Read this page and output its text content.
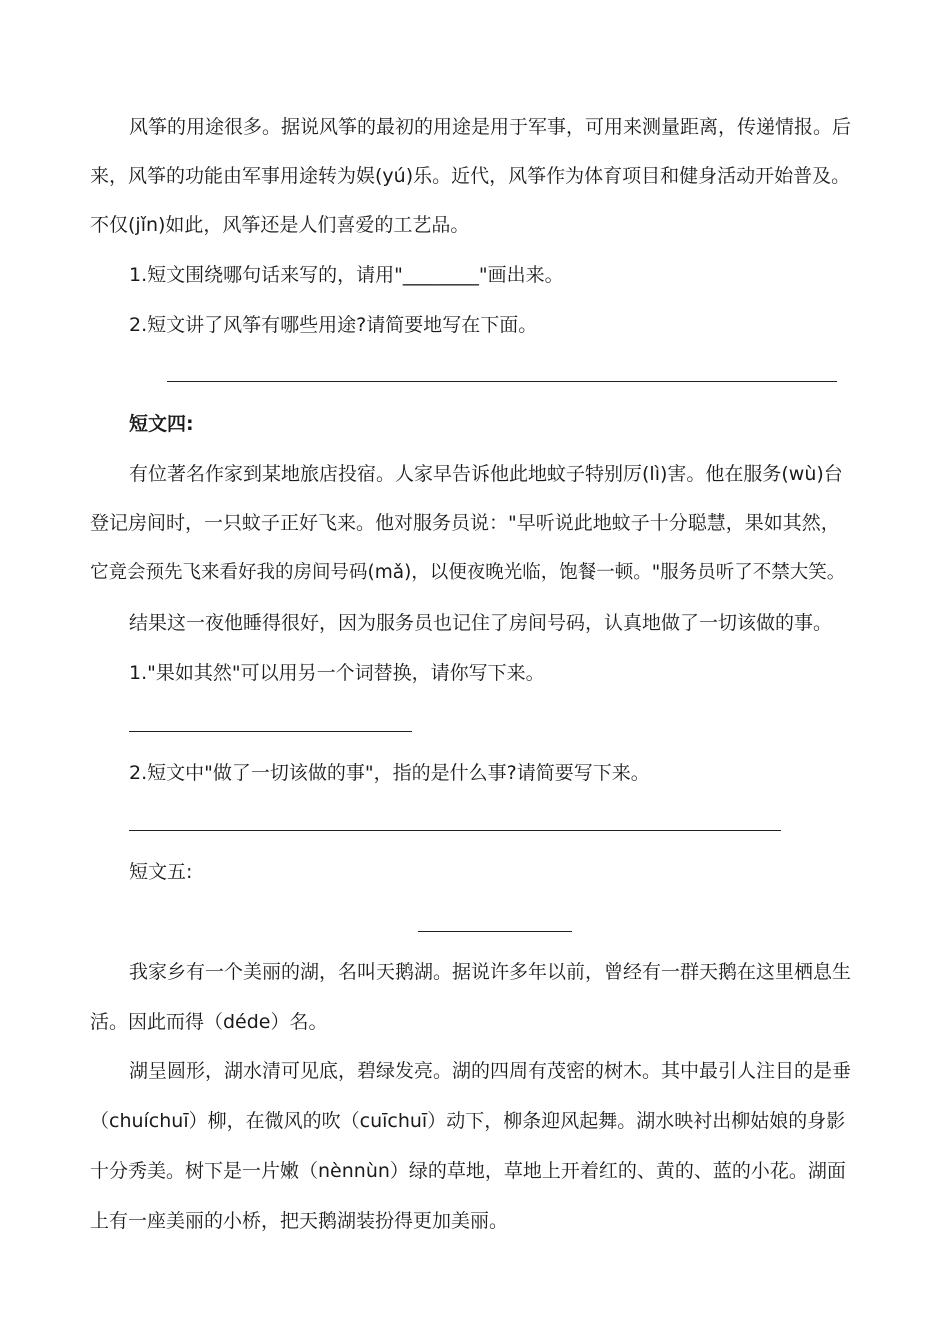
风筝的用途很多。据说风筝的最初的用途是用于军事，可用来测量距离，传递情报。后
来，风筝的功能由军事用途转为娱(yú)乐。近代，风筝作为体育项目和健身活动开始普及。
不仅(jǐn)如此，风筝还是人们喜爱的工艺品。
1.短文围绕哪句话来写的，请用"________"画出来。
2.短文讲了风筝有哪些用途?请简要地写在下面。
短文四:
有位著名作家到某地旅店投宿。人家早告诉他此地蚊子特别厉(lì)害。他在服务(wù)台
登记房间时，一只蚊子正好飞来。他对服务员说："早听说此地蚊子十分聪慧，果如其然，
它竟会预先飞来看好我的房间号码(mǎ)，以便夜晚光临，饱餐一顿。"服务员听了不禁大笑。
结果这一夜他睡得很好，因为服务员也记住了房间号码，认真地做了一切该做的事。
1."果如其然"可以用另一个词替换，请你写下来。
2.短文中"做了一切该做的事"，指的是什么事?请简要写下来。
短文五:
我家乡有一个美丽的湖，名叫天鹅湖。据说许多年以前，曾经有一群天鹅在这里栖息生
活。因此而得（déde）名。
湖呈圆形，湖水清可见底，碧绿发亮。湖的四周有茂密的树木。其中最引人注目的是垂
（chuíchuī）柳，在微风的吹（cuīchuī）动下，柳条迎风起舞。湖水映衬出柳姑娘的身影
十分秀美。树下是一片嫩（nènnùn）绿的草地，草地上开着红的、黄的、蓝的小花。湖面
上有一座美丽的小桥，把天鹅湖装扮得更加美丽。
